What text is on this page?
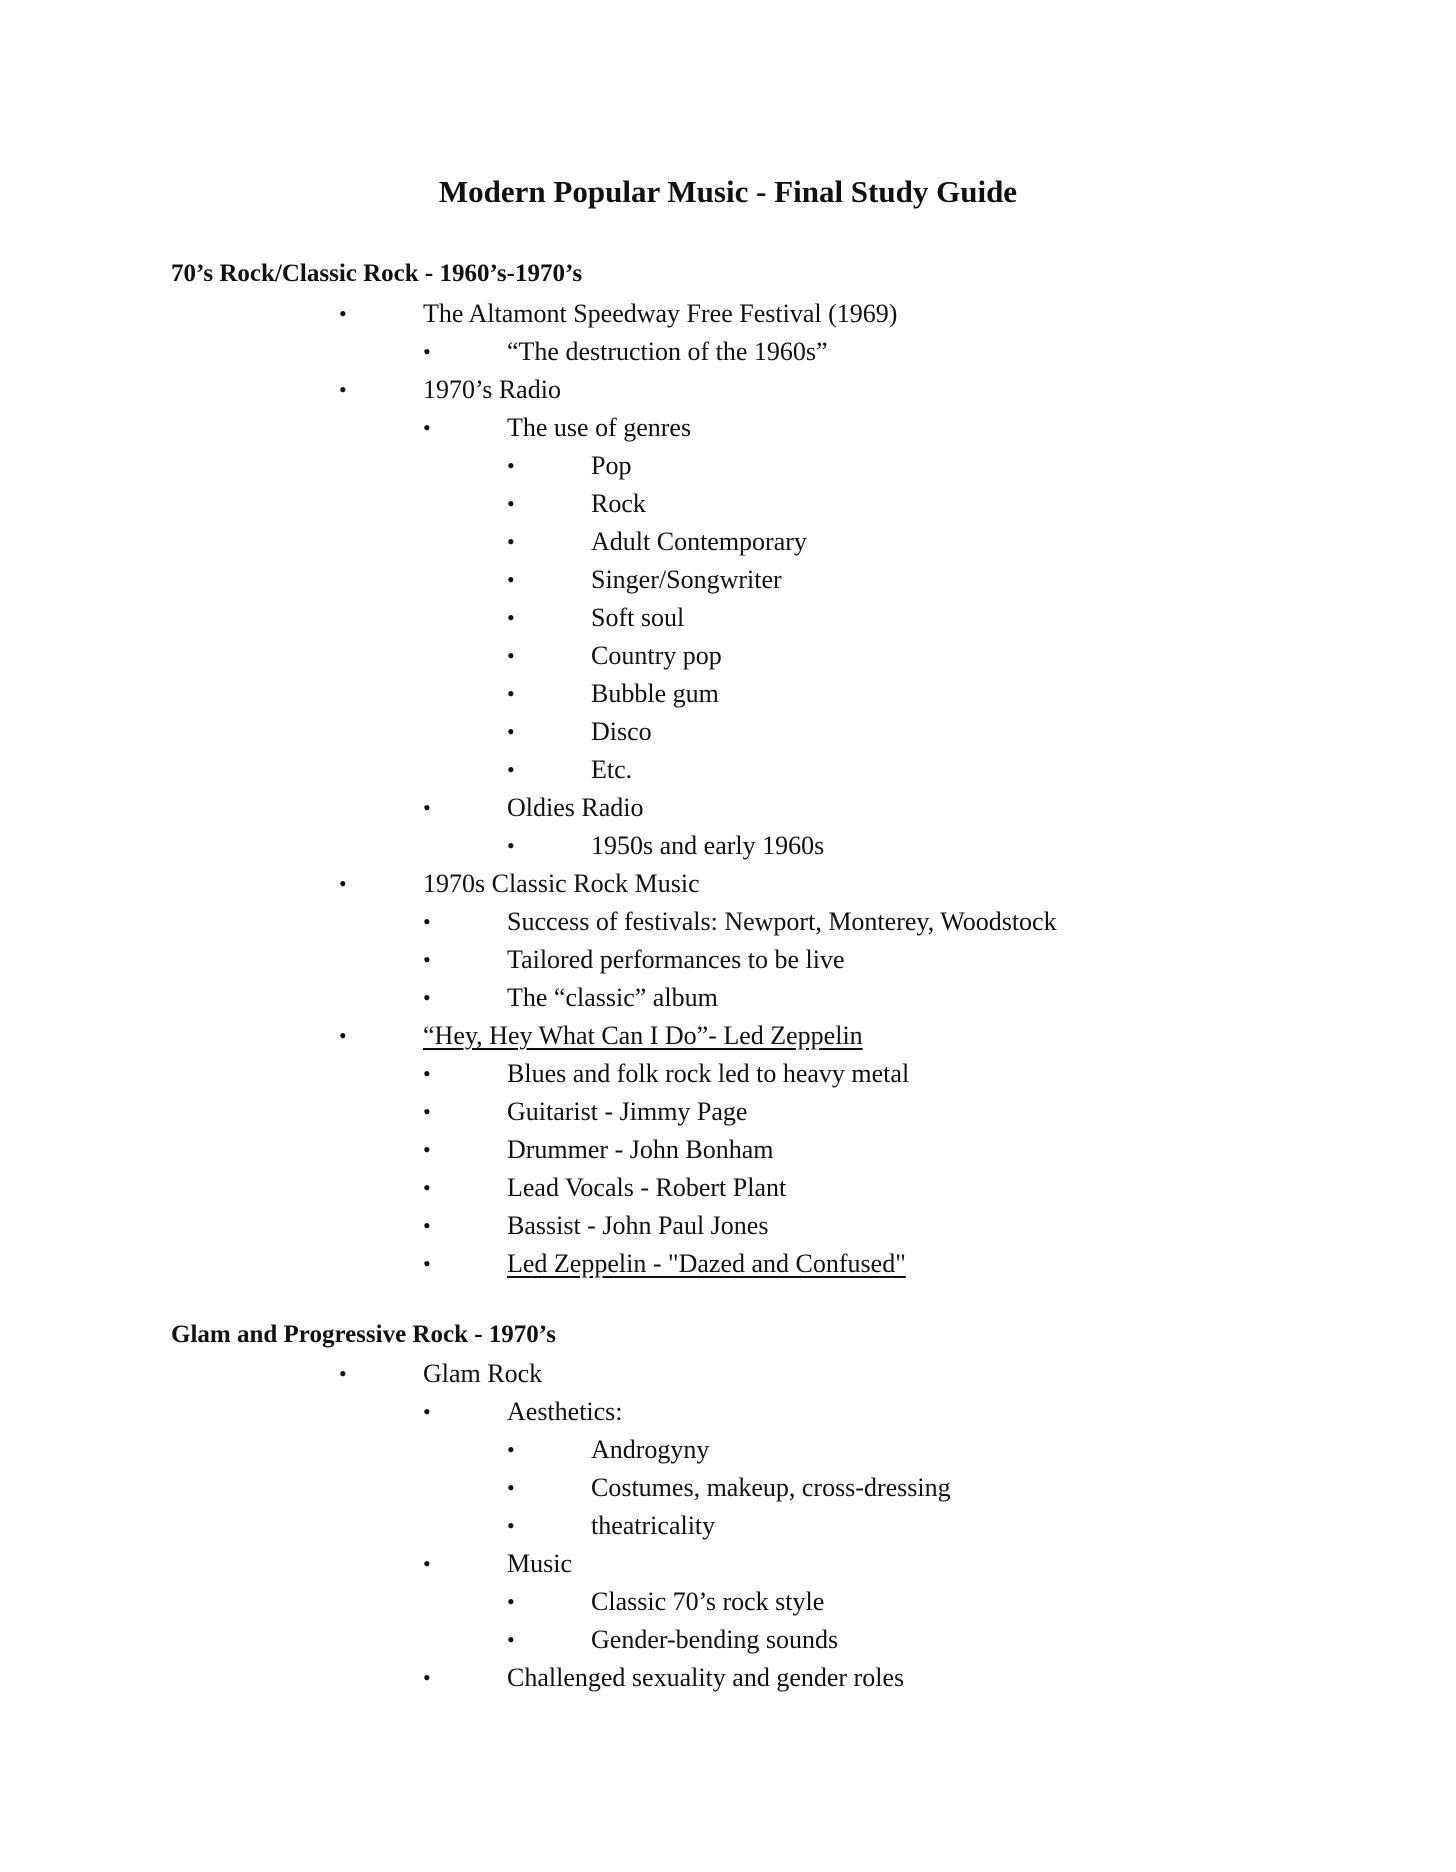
Modern Popular Music - Final Study Guide
70’s Rock/Classic Rock - 1960’s-1970’s
•	The Altamont Speedway Free Festival (1969)
•	“The destruction of the 1960s”
•	1970’s Radio
•	The use of genres
•	Pop
•	Rock
•	Adult Contemporary
•	Singer/Songwriter
•	Soft soul
•	Country pop
•	Bubble gum
•	Disco
•	Etc.
•	Oldies Radio
•	1950s and early 1960s
•	1970s Classic Rock Music
•	Success of festivals: Newport, Monterey, Woodstock
•	Tailored performances to be live
•	The “classic” album
•	“Hey, Hey What Can I Do”- Led Zeppelin
•	Blues and folk rock led to heavy metal
•	Guitarist - Jimmy Page
•	Drummer - John Bonham
•	Lead Vocals - Robert Plant
•	Bassist - John Paul Jones
•	Led Zeppelin - "Dazed and Confused"
Glam and Progressive Rock - 1970’s
•	Glam Rock
•	Aesthetics:
•	Androgyny
•	Costumes, makeup, cross-dressing
•	theatricality
•	Music
•	Classic 70’s rock style
•	Gender-bending sounds
•	Challenged sexuality and gender roles
